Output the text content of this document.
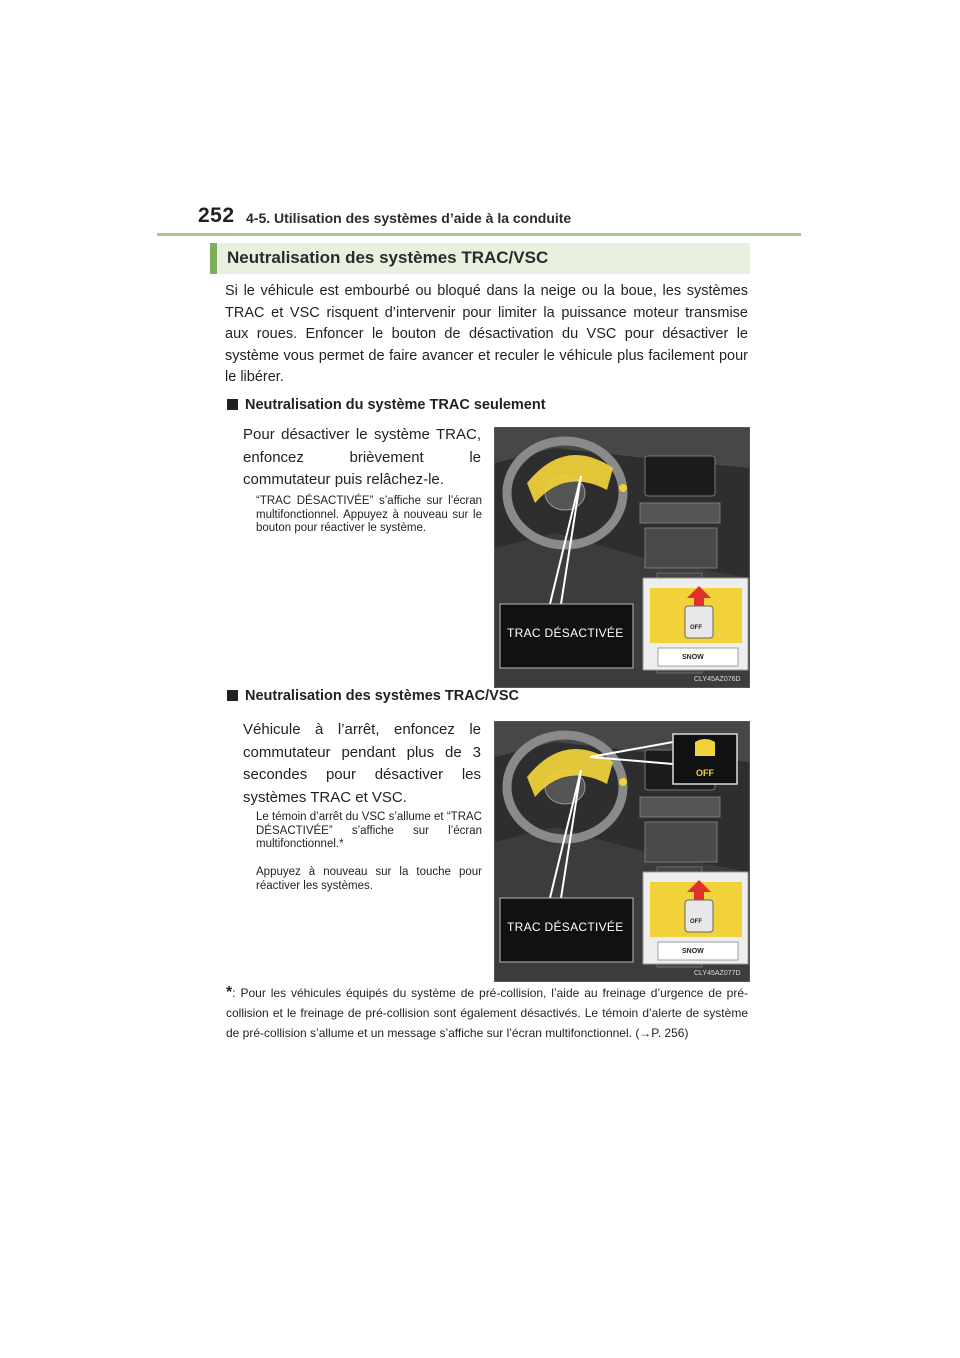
252 4-5. Utilisation des systèmes d’aide à la conduite
Neutralisation des systèmes TRAC/VSC
Si le véhicule est embourbé ou bloqué dans la neige ou la boue, les systèmes TRAC et VSC risquent d’intervenir pour limiter la puissance moteur transmise aux roues. Enfoncer le bouton de désactivation du VSC pour désactiver le système vous permet de faire avancer et reculer le véhicule plus facilement pour le libérer.
Neutralisation du système TRAC seulement
Pour désactiver le système TRAC, enfoncez brièvement le commutateur puis relâchez-le.
“TRAC DÉSACTIVÉE” s’affiche sur l’écran multifonctionnel. Appuyez à nouveau sur le bouton pour réactiver le système.
TRAC DÉSACTIVÉE	OFF
SNOW
CLY45AZ076D
Neutralisation des systèmes TRAC/VSC
Véhicule à l’arrêt, enfoncez le commutateur pendant plus de 3 secondes pour désactiver les systèmes TRAC et VSC.
Le témoin d’arrêt du VSC s’allume et “TRAC DÉSACTIVÉE” s’affiche sur l’écran multifonctionnel.*
Appuyez à nouveau sur la touche pour réactiver les systèmes.
OFF
TRAC DÉSACTIVÉE	OFF
SNOW
CLY45AZ077D
*: Pour les véhicules équipés du système de pré-collision, l’aide au freinage d’urgence de pré-collision et le freinage de pré-collision sont également désactivés. Le témoin d’alerte de système de pré-collision s’allume et un message s’affiche sur l’écran multifonctionnel. (→P. 256)
